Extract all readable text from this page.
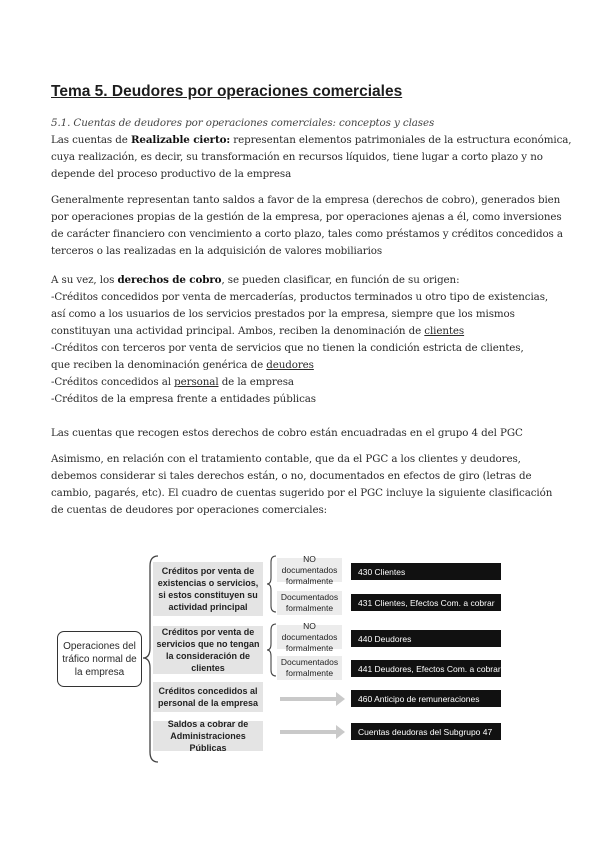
Tema 5. Deudores por operaciones comerciales

5.1. Cuentas de deudores por operaciones comerciales: conceptos y clases

Las cuentas de Realizable cierto: representan elementos patrimoniales de la estructura económica,

cuya realización, es decir, su transformación en recursos líquidos, tiene lugar a corto plazo y no

depende del proceso productivo de la empresa

Generalmente representan tanto saldos a favor de la empresa (derechos de cobro), generados bien

por operaciones propias de la gestión de la empresa, por operaciones ajenas a él, como inversiones

de carácter financiero con vencimiento a corto plazo, tales como préstamos y créditos concedidos a

terceros o las realizadas en la adquisición de valores mobiliarios

A su vez, los derechos de cobro, se pueden clasificar, en función de su origen:

-Créditos concedidos por venta de mercaderías, productos terminados u otro tipo de existencias,

así como a los usuarios de los servicios prestados por la empresa, siempre que los mismos

constituyan una actividad principal. Ambos, reciben la denominación de clientes

-Créditos con terceros por venta de servicios que no tienen la condición estricta de clientes,

que reciben la denominación genérica de deudores

-Créditos concedidos al personal de la empresa

-Créditos de la empresa frente a entidades públicas

Las cuentas que recogen estos derechos de cobro están encuadradas en el grupo 4 del PGC

Asimismo, en relación con el tratamiento contable, que da el PGC a los clientes y deudores,

debemos considerar si tales derechos están, o no, documentados en efectos de giro (letras de

cambio, pagarés, etc). El cuadro de cuentas sugerido por el PGC incluye la siguiente clasificación

de cuentas de deudores por operaciones comerciales:

Operaciones del tráfico normal de la empresa
Créditos por venta de existencias o servicios, si estos constituyen su actividad principal
Créditos por venta de servicios que no tengan la consideración de clientes
Créditos concedidos al personal de la empresa
Saldos a cobrar de Administraciones Públicas
NO documentados formalmente
Documentados formalmente
NO documentados formalmente
Documentados formalmente
430 Clientes
431 Clientes, Efectos Com. a cobrar
440 Deudores
441 Deudores, Efectos Com. a cobrar
460 Anticipo de remuneraciones
Cuentas deudoras del Subgrupo 47
